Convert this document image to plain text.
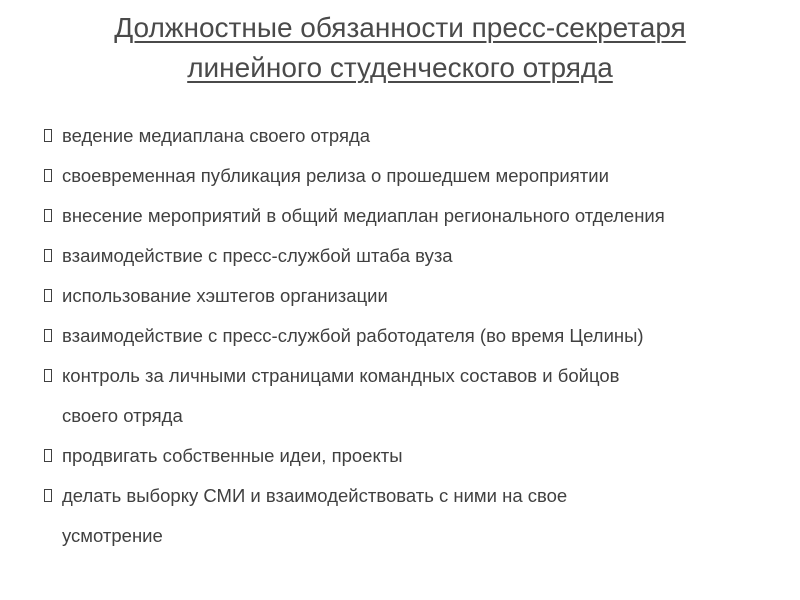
Должностные обязанности пресс-секретаря
линейного студенческого отряда
ведение медиаплана своего отряда
своевременная публикация релиза о прошедшем мероприятии
внесение мероприятий в общий медиаплан регионального отделения
взаимодействие с пресс-службой штаба вуза
использование хэштегов организации
взаимодействие с пресс-службой работодателя (во время Целины)
контроль за личными страницами командных составов и бойцов
своего отряда
продвигать собственные идеи, проекты
делать выборку СМИ и взаимодействовать с ними на свое
усмотрение
